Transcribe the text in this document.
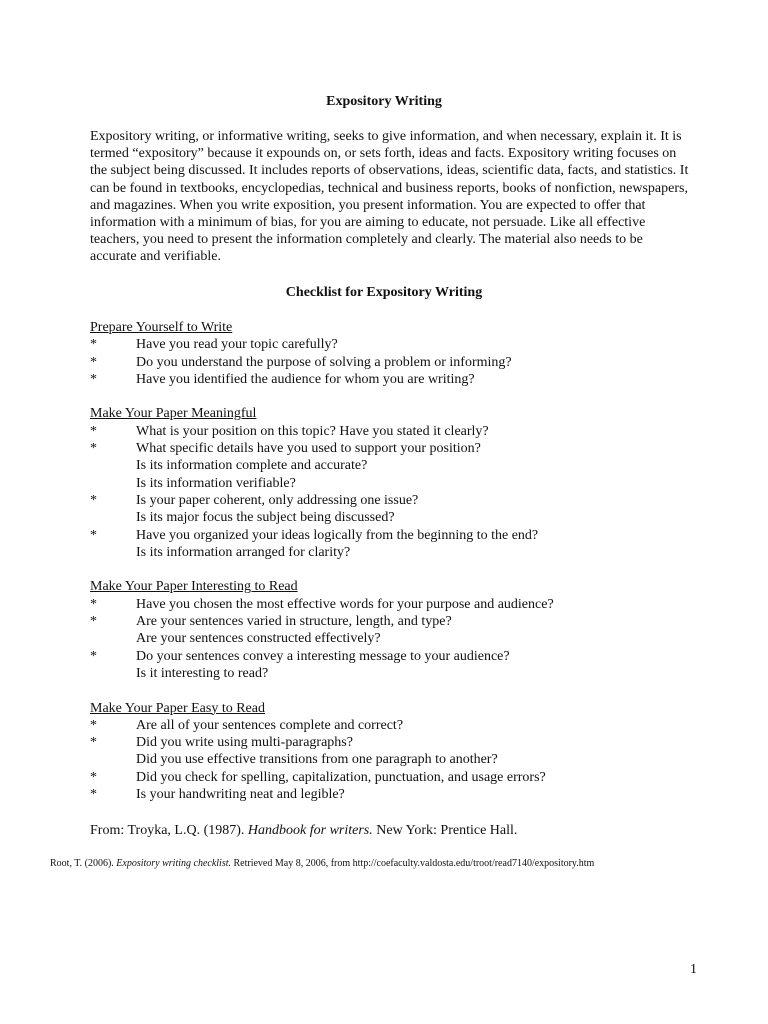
Expository Writing

Expository writing, or informative writing, seeks to give information, and when necessary, explain it. It is termed “expository” because it expounds on, or sets forth, ideas and facts. Expository writing focuses on the subject being discussed. It includes reports of observations, ideas, scientific data, facts, and statistics. It can be found in textbooks, encyclopedias, technical and business reports, books of nonfiction, newspapers, and magazines. When you write exposition, you present information. You are expected to offer that information with a minimum of bias, for you are aiming to educate, not persuade. Like all effective teachers, you need to present the information completely and clearly. The material also needs to be accurate and verifiable.

Checklist for Expository Writing
Prepare Yourself to Write
*	Have you read your topic carefully?
*	Do you understand the purpose of solving a problem or informing?
*	Have you identified the audience for whom you are writing?
Make Your Paper Meaningful
*	What is your position on this topic? Have you stated it clearly?
*	What specific details have you used to support your position?
Is its information complete and accurate?
Is its information verifiable?
*	Is your paper coherent, only addressing one issue?
Is its major focus the subject being discussed?
*	Have you organized your ideas logically from the beginning to the end?
Is its information arranged for clarity?
Make Your Paper Interesting to Read
*	Have you chosen the most effective words for your purpose and audience?
*	Are your sentences varied in structure, length, and type?
Are your sentences constructed effectively?
*	Do your sentences convey a interesting message to your audience?
Is it interesting to read?
Make Your Paper Easy to Read
*	Are all of your sentences complete and correct?
*	Did you write using multi-paragraphs?
Did you use effective transitions from one paragraph to another?
*	Did you check for spelling, capitalization, punctuation, and usage errors?
*	Is your handwriting neat and legible?
From: Troyka, L.Q. (1987). Handbook for writers. New York: Prentice Hall.
Root, T. (2006). Expository writing checklist. Retrieved May 8, 2006, from http://coefaculty.valdosta.edu/troot/read7140/expository.htm
1
